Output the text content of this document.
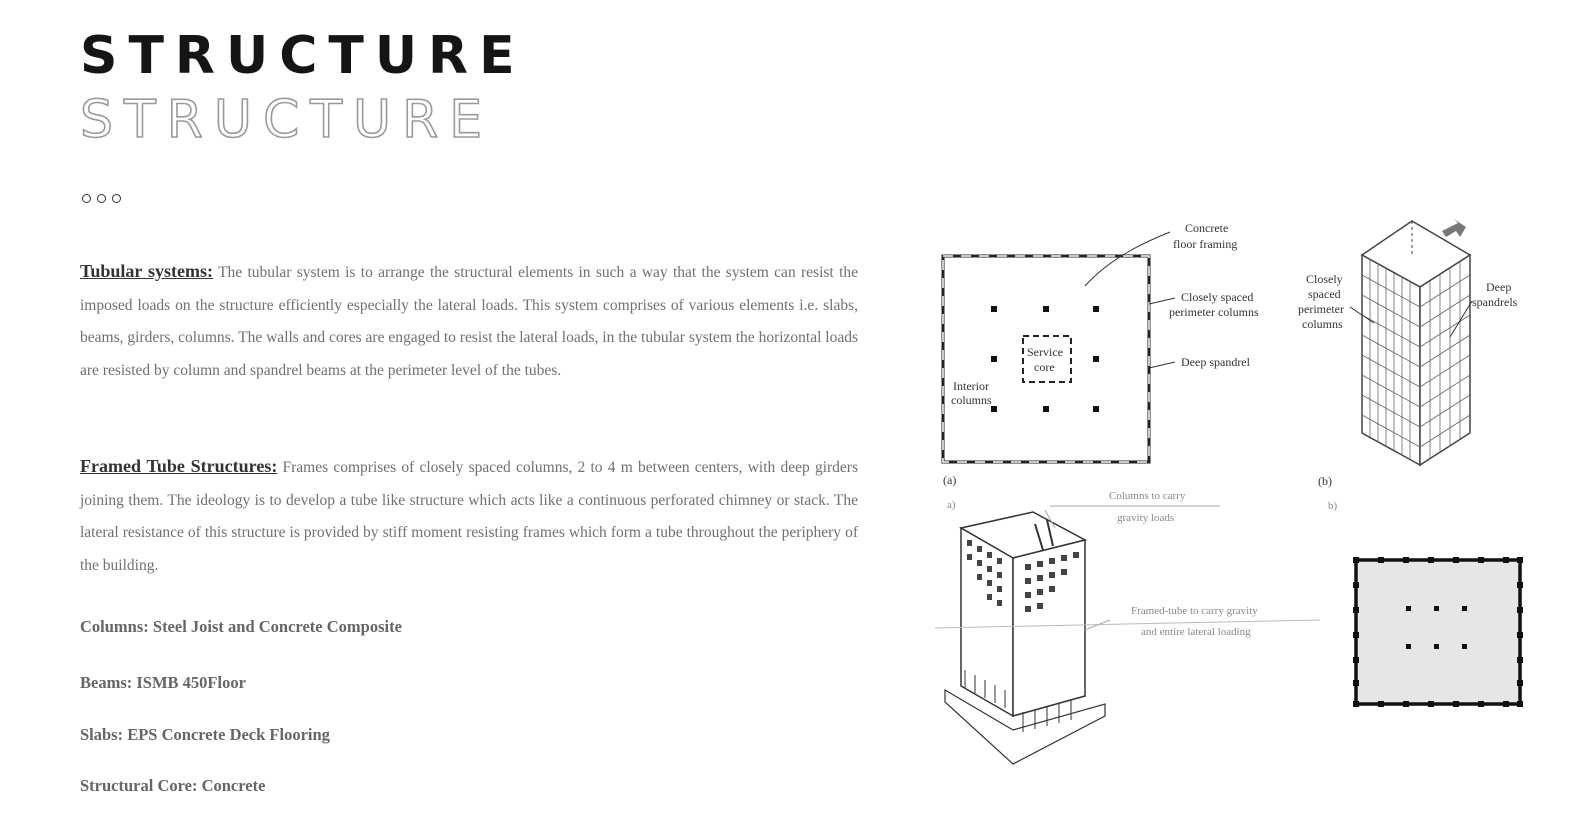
STRUCTURE
STRUCTURE

Tubular systems: The tubular system is to arrange the structural elements in such a way that the system can resist the imposed loads on the structure efficiently especially the lateral loads. This system comprises of various elements i.e. slabs, beams, girders, columns. The walls and cores are engaged to resist the lateral loads, in the tubular system the horizontal loads are resisted by column and spandrel beams at the perimeter level of the tubes.

Framed Tube Structures: Frames comprises of closely spaced columns, 2 to 4 m between centers, with deep girders joining them. The ideology is to develop a tube like structure which acts like a continuous perforated chimney or stack. The lateral resistance of this structure is provided by stiff moment resisting frames which form a tube throughout the periphery of the building.

Columns: Steel Joist and Concrete Composite

Beams: ISMB 450Floor

Slabs: EPS Concrete Deck Flooring

Structural Core: Concrete

Service
core
Interior
columns
Concrete
floor framing
Closely spaced
perimeter columns
Deep spandrel
(a)
a)
Closely
spaced
perimeter
columns
Deep
spandrels
(b)
b)
Columns to carry
gravity loads
Framed-tube to carry gravity
and entire lateral loading
